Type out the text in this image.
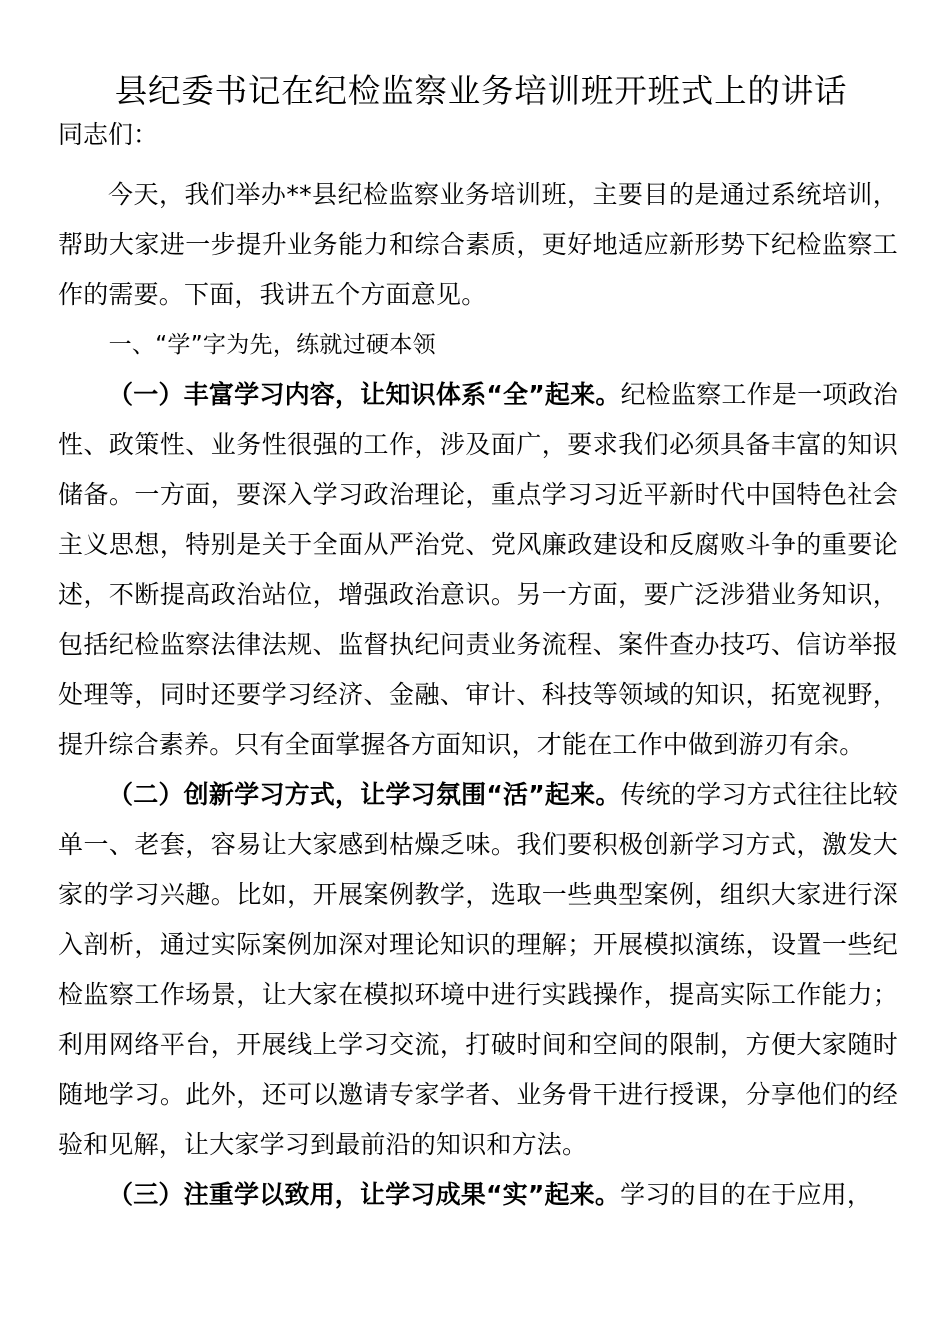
县纪委书记在纪检监察业务培训班开班式上的讲话

同志们：

今天，我们举办**县纪检监察业务培训班，主要目的是通过系统培训，帮助大家进一步提升业务能力和综合素质，更好地适应新形势下纪检监察工作的需要。下面，我讲五个方面意见。

一、“学”字为先，练就过硬本领

（一）丰富学习内容，让知识体系“全”起来。纪检监察工作是一项政治性、政策性、业务性很强的工作，涉及面广，要求我们必须具备丰富的知识储备。一方面，要深入学习政治理论，重点学习习近平新时代中国特色社会主义思想，特别是关于全面从严治党、党风廉政建设和反腐败斗争的重要论述，不断提高政治站位，增强政治意识。另一方面，要广泛涉猎业务知识，包括纪检监察法律法规、监督执纪问责业务流程、案件查办技巧、信访举报处理等，同时还要学习经济、金融、审计、科技等领域的知识，拓宽视野，提升综合素养。只有全面掌握各方面知识，才能在工作中做到游刃有余。

（二）创新学习方式，让学习氛围“活”起来。传统的学习方式往往比较单一、老套，容易让大家感到枯燥乏味。我们要积极创新学习方式，激发大家的学习兴趣。比如，开展案例教学，选取一些典型案例，组织大家进行深入剖析，通过实际案例加深对理论知识的理解；开展模拟演练，设置一些纪检监察工作场景，让大家在模拟环境中进行实践操作，提高实际工作能力；利用网络平台，开展线上学习交流，打破时间和空间的限制，方便大家随时随地学习。此外，还可以邀请专家学者、业务骨干进行授课，分享他们的经验和见解，让大家学习到最前沿的知识和方法。

（三）注重学以致用，让学习成果“实”起来。学习的目的在于应用，
